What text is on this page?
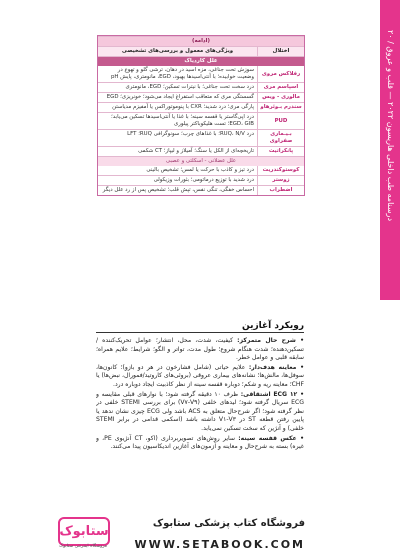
درسنامه طب داخلی هاریسون ۲۰۲۲ — قلب و عروق / ۲۰
(ادامه)
اختلال
ویژگی‌های معمول و بررسی‌های تشخیصی
علل کاردیاک
رفلاکس مروی
سوزش تحت جناغی، مزه اسید در دهان، ترشی گلو و تهوع در وضعیت خوابیده؛ با آنتی‌اسیدها بهبود، EGD، مانومتری، پایش pH
اسپاسم مری
درد سخت تحت جناغی؛ با نیترات تسکین؛ EGD، مانومتری
مالوری - ویس
گسستگی مری که متعاقب استفراغ ایجاد می‌شود؛ خونریزی؛ EGD
سندرم بـوئرهاو
پارگی مری؛ درد شدید؛ CXR با پنوموتوراکس یا آمفیزم مدیاستن
PUD
درد اپی‌گاستر یا قفسه سینه؛ با غذا یا آنتی‌اسیدها تسکین می‌یابد؛ EGD، GIB؛ تست هلیکوباکتر پیلوری
بـیـماری صفراوی
درد RUQ، N/V؛ با غذاهای چرب؛ سونوگرافی RUQ؛ LFT
پانکراتیت
تاریخچه‌ای از الکل یا سنگ؛ آمیلاز و لیپاز؛ CT شکمی
علل عضلانی - اسکلتی و عصبی
کوستوکندریت
درد تیز و کاذب با حرکت یا لمس؛ تشخیص بالینی
زوستر
درد شدید با توزیع درماتومی؛ بثورات وزیکولی
اضطراب
احساس خفگی، تنگی نفس، تپش قلب؛ تشخیص پس از رد علل دیگر
رویکرد آغازین

• شرح حال متمرکز: کیفیت، شدت، محل، انتشار؛ عوامل تحریک‌کننده / تسکین‌دهنده؛ شدت هنگام شروع؛ طول مدت، تواتر و الگو؛ شرایط؛ علایم همراه؛ سابقه قلبی و عوامل خطر.

• معاینه هدف‌دار: علایم حیاتی (شامل فشارخون در هر دو بازو)؛ کانون‌ها، سوفل‌ها، مالش‌ها؛ نشانه‌های بیماری عروقی (بروئی‌های کاروتید/فمورال، نبض‌ها) یا CHF؛ معاینه ریه و شکم؛ دوباره قفسه سینه از نظر کاذبیت ایجاد دوباره درد.

• ECG ۱۲ اشتقاقی: ظرف ۱۰ دقیقه گرفته شود؛ با نوارهای قبلی مقایسه و ECG سریال گرفته شود؛ لیدهای خلفی (V۷-V۹) برای بررسی STEMI خلفی در نظر گرفته شود؛ اگر شرح‌حال متعلق به ACS باشد ولی ECG چیزی نشان ندهد یا پایین رفتن قطعه ST در V۱-V۳ داشته باشد (اسکمی قدامی در برابر STEMI خلفی) و آنژین که سخت تسکین نمی‌یابد.

• عکس قفسه سینه: سایر روش‌های تصویربرداری (اکو، CT آنژیوی PE، و غیره) بسته به شرح‌حال و معاینه و آزمون‌های آغازین اندیکاسیون پیدا می‌کنند.

ستابوک
فروشگاه اینترنتی ستابوک
فروشگاه کتاب پزشکی ستابوک
WWW.SETABOOK.COM
